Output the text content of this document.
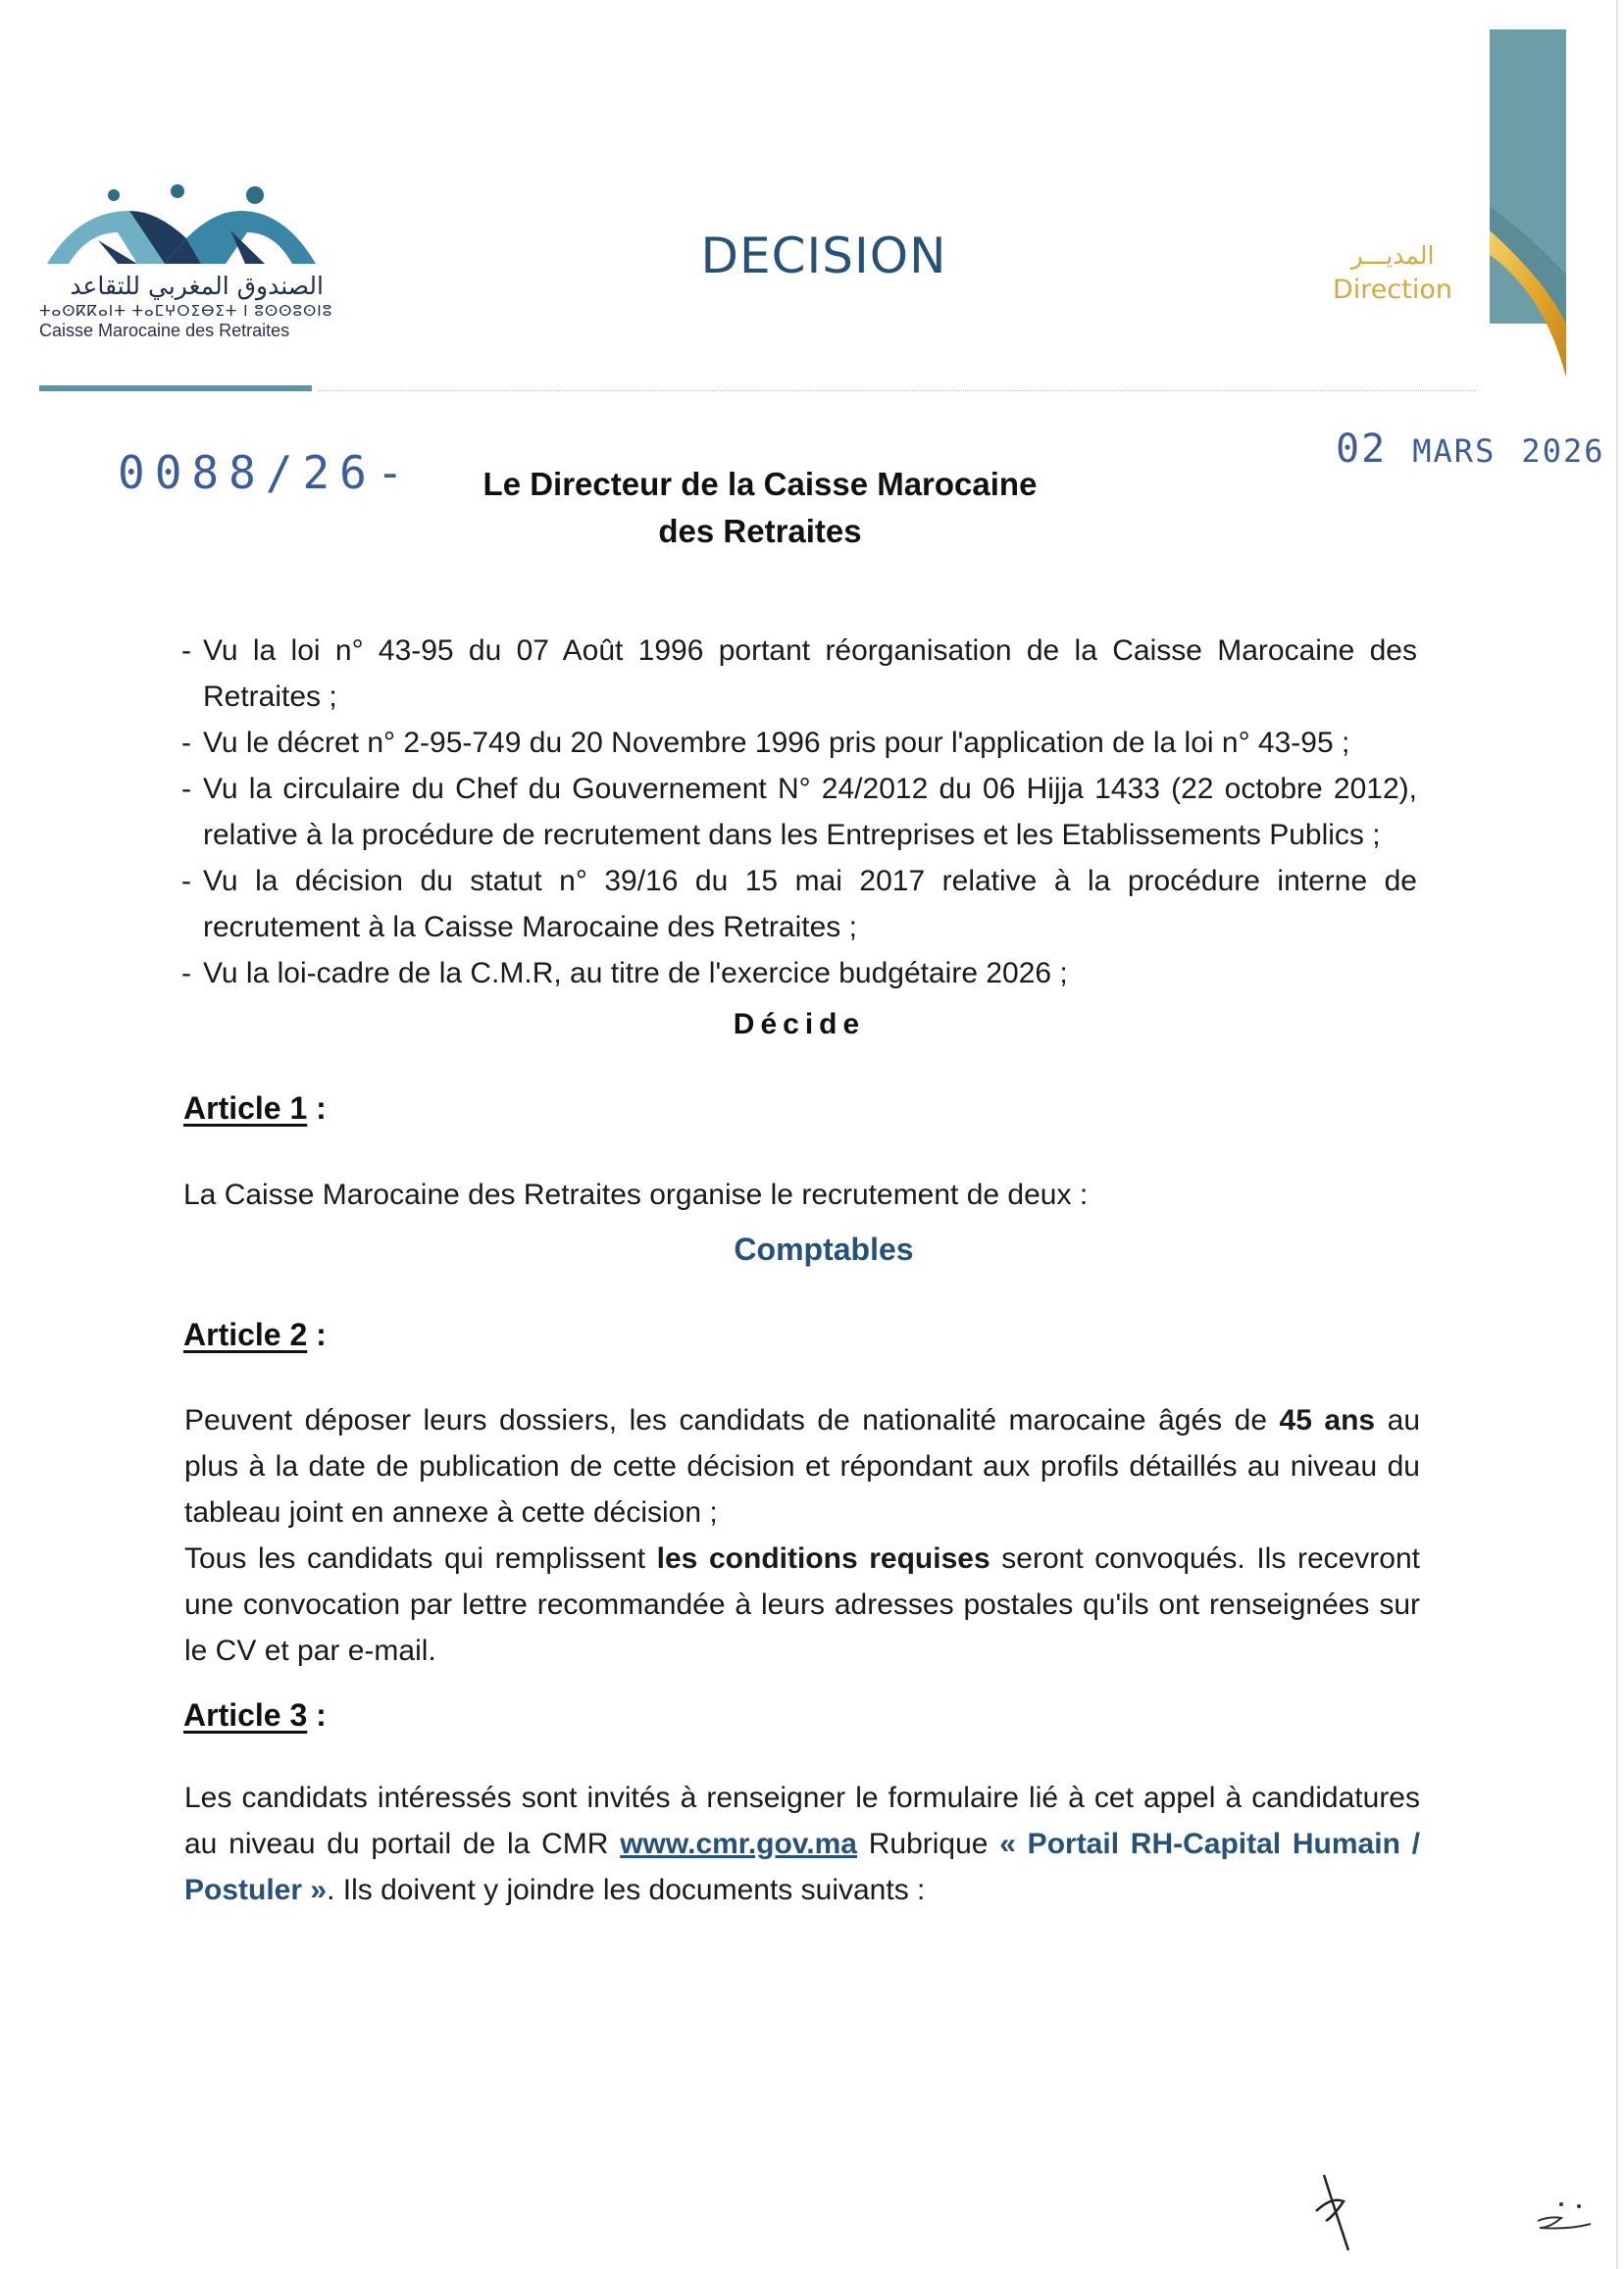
الصندوق المغربي للتقاعد
ⵜⴰⵙⴽⴽⴰⵏⵜ ⵜⴰⵎⵖⵔⵉⴱⵉⵜ ⵏ ⵓⵙⵙⵓⵙⵏⵓ
Caisse Marocaine des Retraites
DECISION	المديـــر
Direction
0088/26-	02 MARS 2026
Le Directeur de la Caisse Marocaine
des Retraites
- Vu la loi n° 43-95 du 07 Août 1996 portant réorganisation de la Caisse Marocaine des Retraites ;
- Vu le décret n° 2-95-749 du 20 Novembre 1996 pris pour l'application de la loi n° 43-95 ;
- Vu la circulaire du Chef du Gouvernement N° 24/2012 du 06 Hijja 1433 (22 octobre 2012), relative à la procédure de recrutement dans les Entreprises et les Etablissements Publics ;
- Vu la décision du statut n° 39/16 du 15 mai 2017 relative à la procédure interne de recrutement à la Caisse Marocaine des Retraites ;
- Vu la loi-cadre de la C.M.R, au titre de l'exercice budgétaire 2026 ;
Décide
Article 1 :
La Caisse Marocaine des Retraites organise le recrutement de deux :
Comptables
Article 2 :
Peuvent déposer leurs dossiers, les candidats de nationalité marocaine âgés de 45 ans au plus à la date de publication de cette décision et répondant aux profils détaillés au niveau du tableau joint en annexe à cette décision ;
Tous les candidats qui remplissent les conditions requises seront convoqués. Ils recevront une convocation par lettre recommandée à leurs adresses postales qu'ils ont renseignées sur le CV et par e-mail.
Article 3 :
Les candidats intéressés sont invités à renseigner le formulaire lié à cet appel à candidatures au niveau du portail de la CMR www.cmr.gov.ma Rubrique « Portail RH-Capital Humain / Postuler ». Ils doivent y joindre les documents suivants :
